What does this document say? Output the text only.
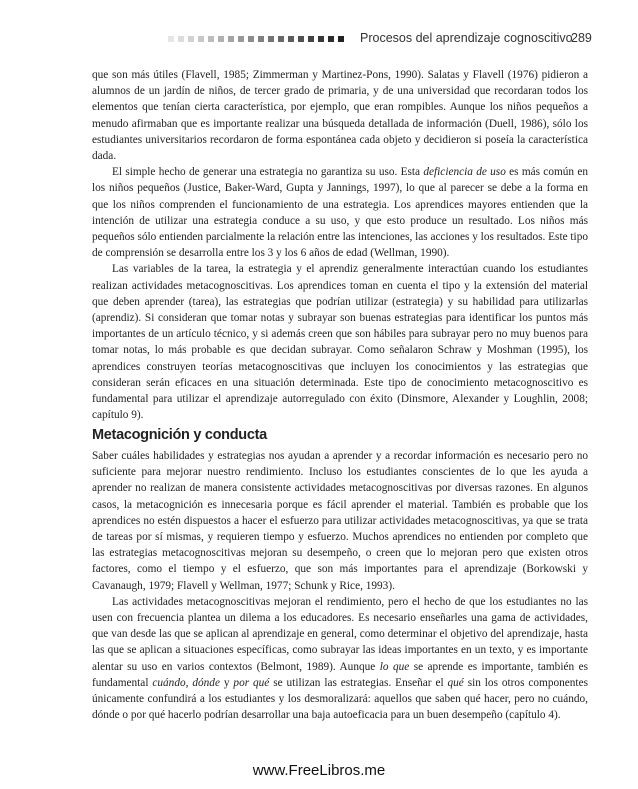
Procesos del aprendizaje cognoscitivo
289

que son más útiles (Flavell, 1985; Zimmerman y Martinez-Pons, 1990). Salatas y Flavell (1976) pidieron a alumnos de un jardín de niños, de tercer grado de primaria, y de una universidad que recordaran todos los elementos que tenían cierta característica, por ejemplo, que eran rompibles. Aunque los niños pequeños a menudo afirmaban que es importante realizar una búsqueda detallada de información (Duell, 1986), sólo los estudiantes universitarios recordaron de forma espontánea cada objeto y decidieron si poseía la característica dada.

El simple hecho de generar una estrategia no garantiza su uso. Esta deficiencia de uso es más común en los niños pequeños (Justice, Baker-Ward, Gupta y Jannings, 1997), lo que al parecer se debe a la forma en que los niños comprenden el funcionamiento de una estrategia. Los aprendices mayores entienden que la intención de utilizar una estrategia conduce a su uso, y que esto produce un resultado. Los niños más pequeños sólo entienden parcialmente la relación entre las intenciones, las acciones y los resultados. Este tipo de comprensión se desarrolla entre los 3 y los 6 años de edad (Wellman, 1990).

Las variables de la tarea, la estrategia y el aprendiz generalmente interactúan cuando los estudiantes realizan actividades metacognoscitivas. Los aprendices toman en cuenta el tipo y la extensión del material que deben aprender (tarea), las estrategias que podrían utilizar (estrategia) y su habilidad para utilizarlas (aprendiz). Si consideran que tomar notas y subrayar son buenas estrategias para identificar los puntos más importantes de un artículo técnico, y si además creen que son hábiles para subrayar pero no muy buenos para tomar notas, lo más probable es que decidan subrayar. Como señalaron Schraw y Moshman (1995), los aprendices construyen teorías metacognoscitivas que incluyen los conocimientos y las estrategias que consideran serán eficaces en una situación determinada. Este tipo de conocimiento metacognoscitivo es fundamental para utilizar el aprendizaje autorregulado con éxito (Dinsmore, Alexander y Loughlin, 2008; capítulo 9).

Metacognición y conducta

Saber cuáles habilidades y estrategias nos ayudan a aprender y a recordar información es necesario pero no suficiente para mejorar nuestro rendimiento. Incluso los estudiantes conscientes de lo que les ayuda a aprender no realizan de manera consistente actividades metacognoscitivas por diversas razones. En algunos casos, la metacognición es innecesaria porque es fácil aprender el material. También es probable que los aprendices no estén dispuestos a hacer el esfuerzo para utilizar actividades metacognoscitivas, ya que se trata de tareas por sí mismas, y requieren tiempo y esfuerzo. Muchos aprendices no entienden por completo que las estrategias metacognoscitivas mejoran su desempeño, o creen que lo mejoran pero que existen otros factores, como el tiempo y el esfuerzo, que son más importantes para el aprendizaje (Borkowski y Cavanaugh, 1979; Flavell y Wellman, 1977; Schunk y Rice, 1993).

Las actividades metacognoscitivas mejoran el rendimiento, pero el hecho de que los estudiantes no las usen con frecuencia plantea un dilema a los educadores. Es necesario enseñarles una gama de actividades, que van desde las que se aplican al aprendizaje en general, como determinar el objetivo del aprendizaje, hasta las que se aplican a situaciones específicas, como subrayar las ideas importantes en un texto, y es importante alentar su uso en varios contextos (Belmont, 1989). Aunque lo que se aprende es importante, también es fundamental cuándo, dónde y por qué se utilizan las estrategias. Enseñar el qué sin los otros componentes únicamente confundirá a los estudiantes y los desmoralizará: aquellos que saben qué hacer, pero no cuándo, dónde o por qué hacerlo podrían desarrollar una baja autoeficacia para un buen desempeño (capítulo 4).

www.FreeLibros.me
